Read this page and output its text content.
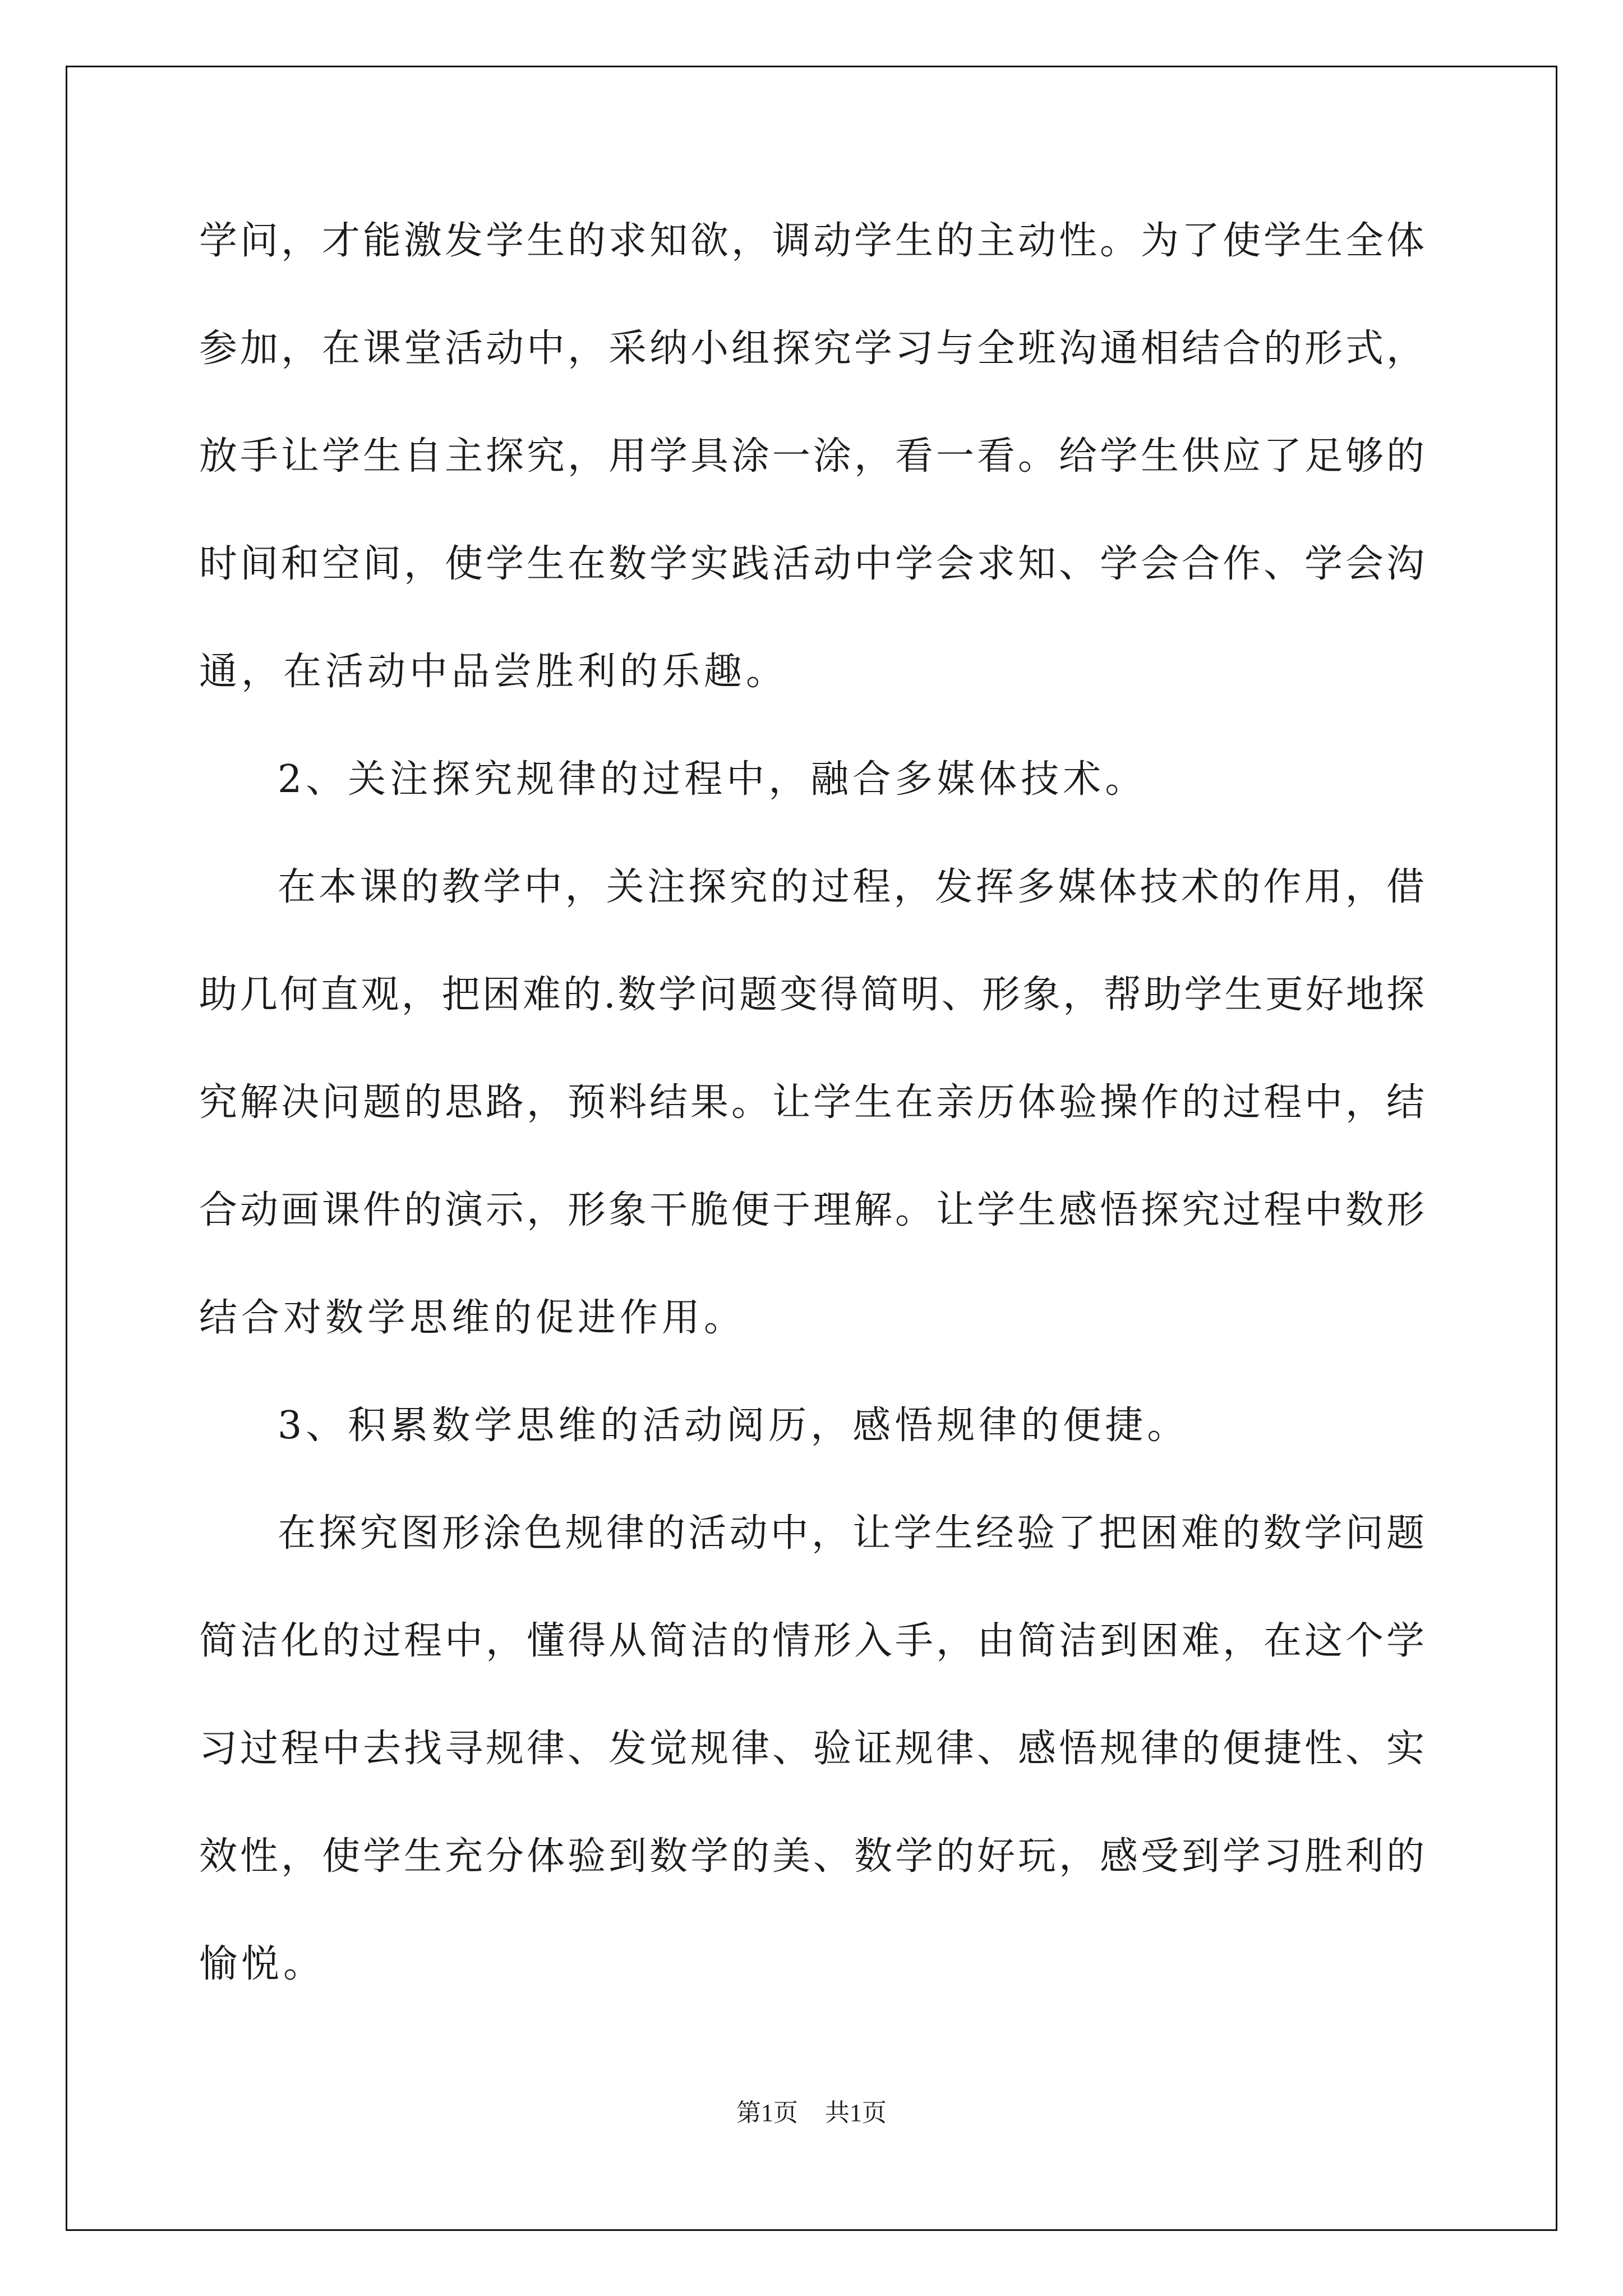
学问，才能激发学生的求知欲，调动学生的主动性。为了使学生全体
参加，在课堂活动中，采纳小组探究学习与全班沟通相结合的形式，
放手让学生自主探究，用学具涂一涂，看一看。给学生供应了足够的
时间和空间，使学生在数学实践活动中学会求知、学会合作、学会沟
通，在活动中品尝胜利的乐趣。
2、关注探究规律的过程中，融合多媒体技术。
在本课的教学中，关注探究的过程，发挥多媒体技术的作用，借
助几何直观，把困难的.数学问题变得简明、形象，帮助学生更好地探
究解决问题的思路，预料结果。让学生在亲历体验操作的过程中，结
合动画课件的演示，形象干脆便于理解。让学生感悟探究过程中数形
结合对数学思维的促进作用。
3、积累数学思维的活动阅历，感悟规律的便捷。
在探究图形涂色规律的活动中，让学生经验了把困难的数学问题
简洁化的过程中，懂得从简洁的情形入手，由简洁到困难，在这个学
习过程中去找寻规律、发觉规律、验证规律、感悟规律的便捷性、实
效性，使学生充分体验到数学的美、数学的好玩，感受到学习胜利的
愉悦。
第1页 共1页
